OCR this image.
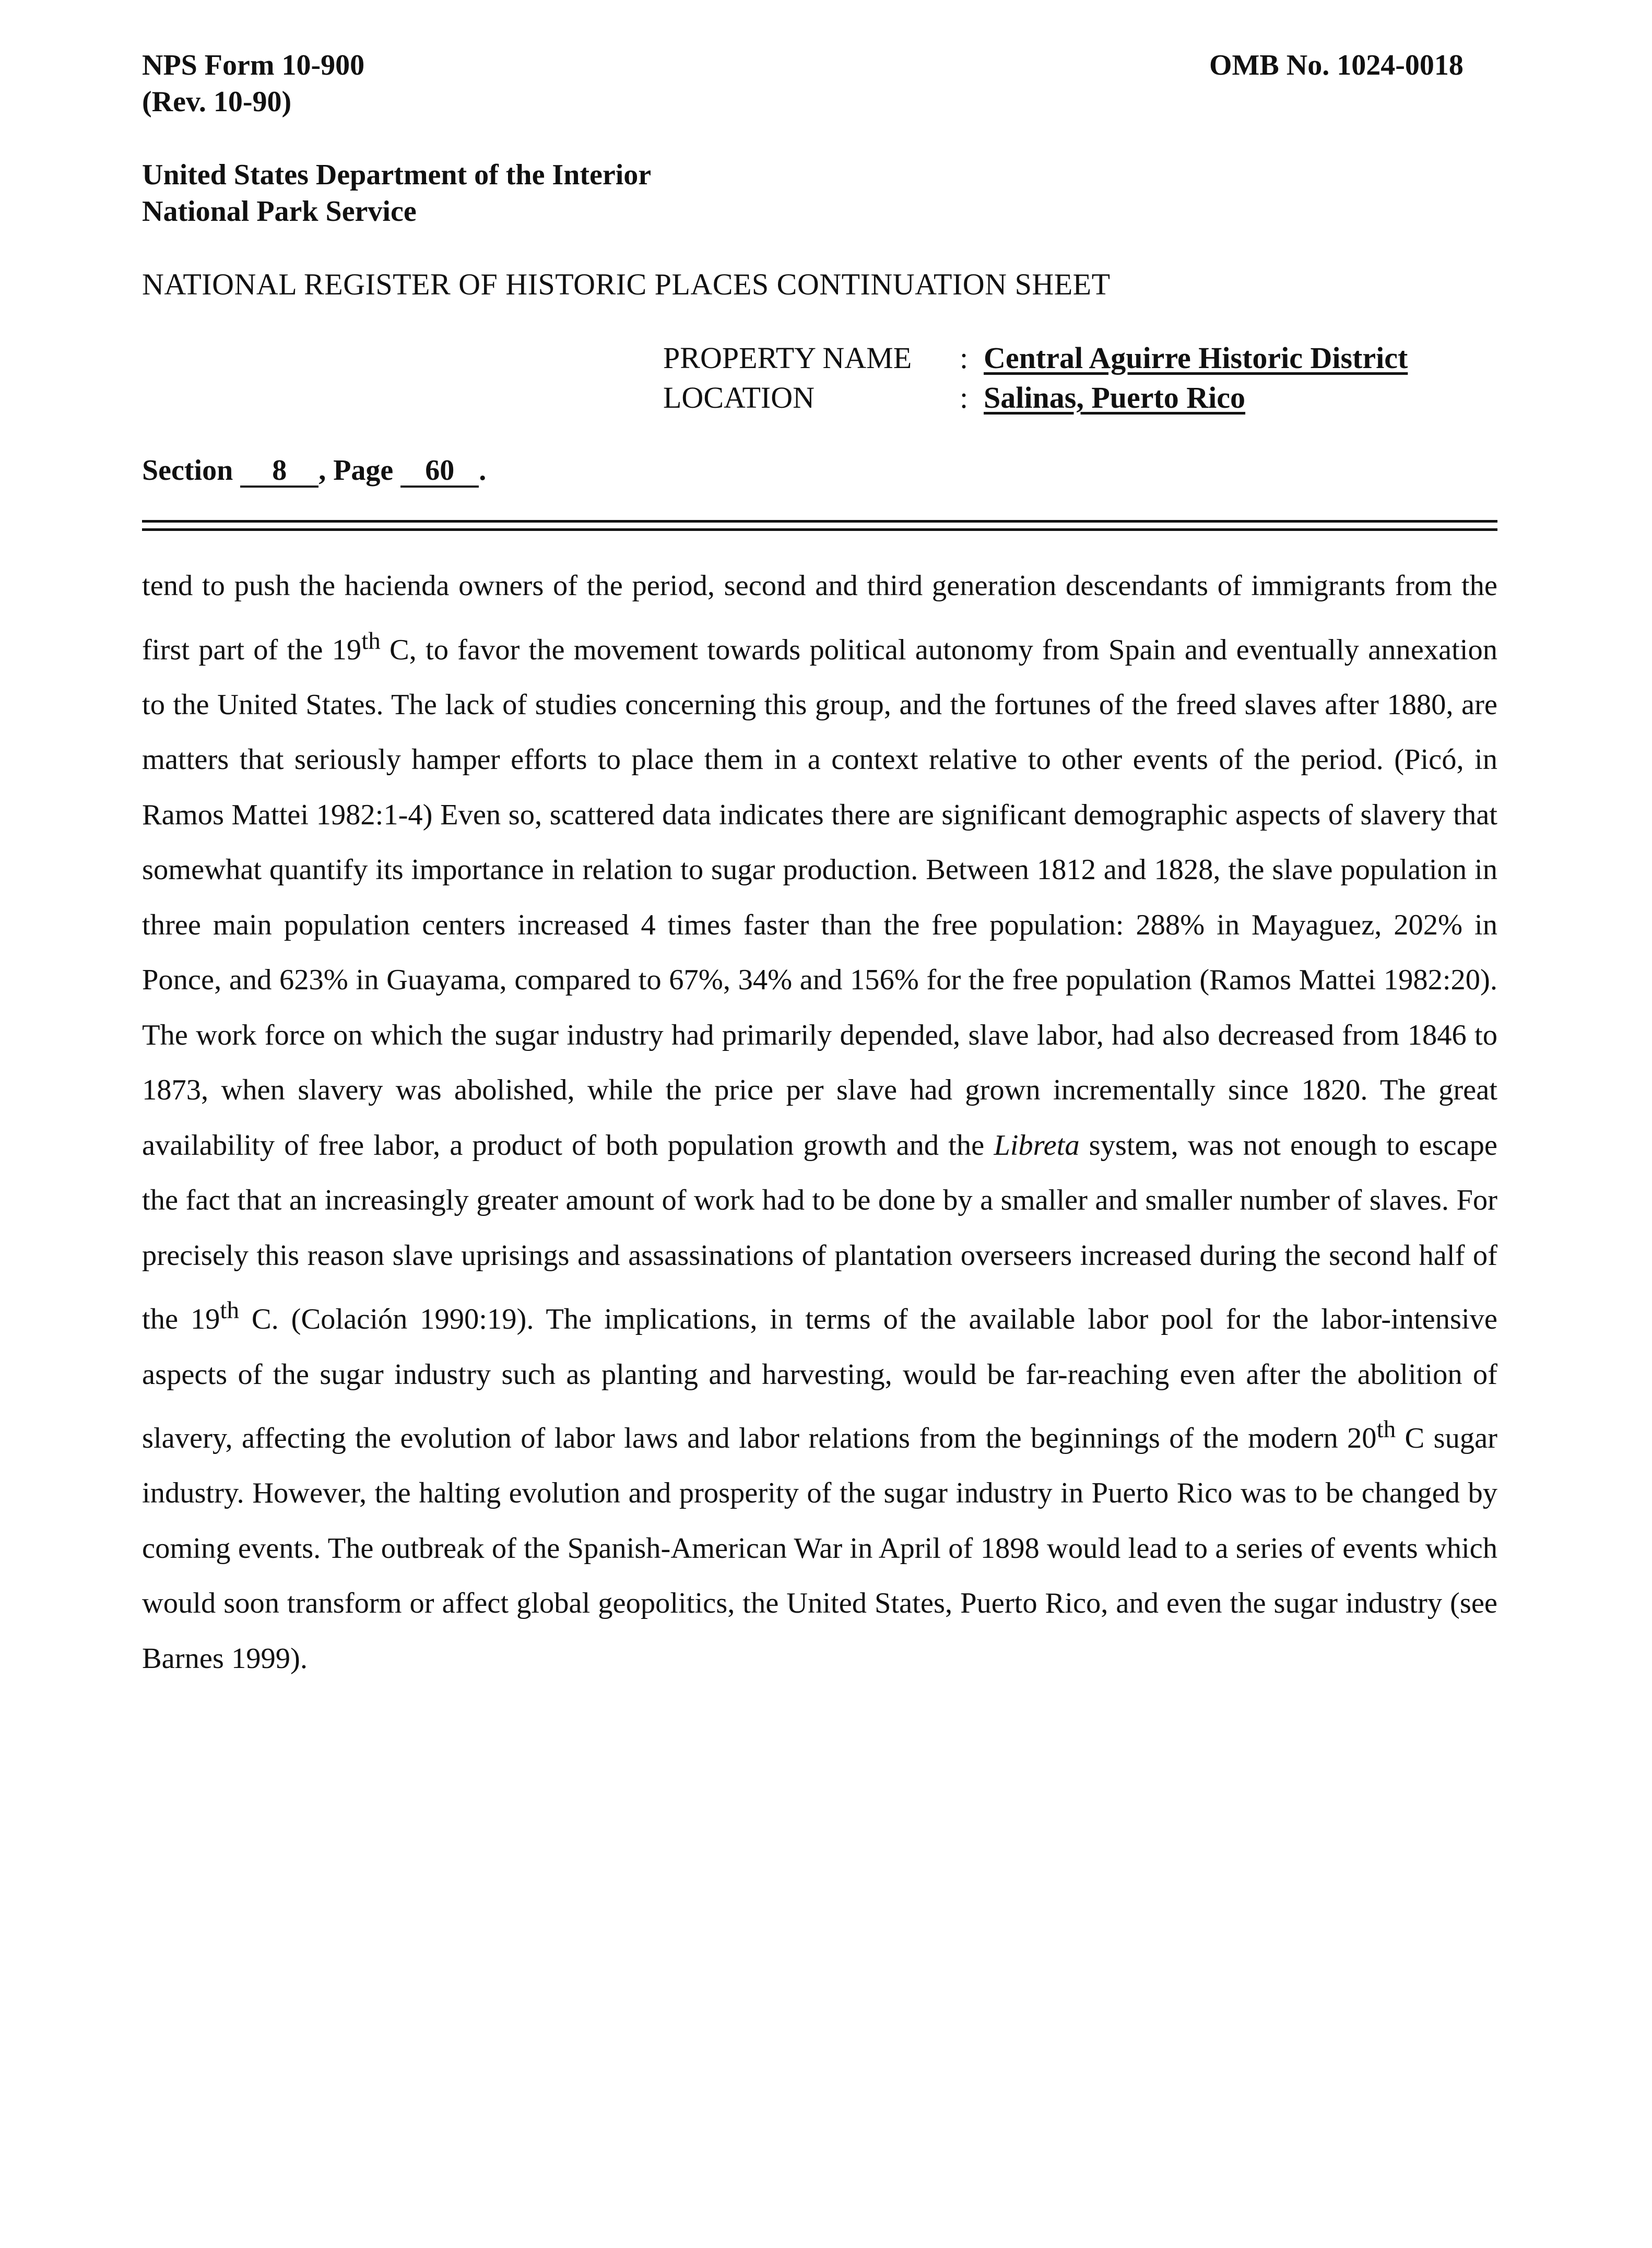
NPS Form 10-900
(Rev. 10-90)
OMB No. 1024-0018
United States Department of the Interior
National Park Service
NATIONAL REGISTER OF HISTORIC PLACES CONTINUATION SHEET
PROPERTY NAME	: Central Aguirre Historic District
LOCATION	: Salinas, Puerto Rico
Section 8 , Page 60 .

tend to push the hacienda owners of the period, second and third generation descendants of immigrants from the first part of the 19th C, to favor the movement towards political autonomy from Spain and eventually annexation to the United States. The lack of studies concerning this group, and the fortunes of the freed slaves after 1880, are matters that seriously hamper efforts to place them in a context relative to other events of the period. (Picó, in Ramos Mattei 1982:1-4) Even so, scattered data indicates there are significant demographic aspects of slavery that somewhat quantify its importance in relation to sugar production. Between 1812 and 1828, the slave population in three main population centers increased 4 times faster than the free population: 288% in Mayaguez, 202% in Ponce, and 623% in Guayama, compared to 67%, 34% and 156% for the free population (Ramos Mattei 1982:20). The work force on which the sugar industry had primarily depended, slave labor, had also decreased from 1846 to 1873, when slavery was abolished, while the price per slave had grown incrementally since 1820. The great availability of free labor, a product of both population growth and the Libreta system, was not enough to escape the fact that an increasingly greater amount of work had to be done by a smaller and smaller number of slaves. For precisely this reason slave uprisings and assassinations of plantation overseers increased during the second half of the 19th C. (Colación 1990:19). The implications, in terms of the available labor pool for the labor-intensive aspects of the sugar industry such as planting and harvesting, would be far-reaching even after the abolition of slavery, affecting the evolution of labor laws and labor relations from the beginnings of the modern 20th C sugar industry. However, the halting evolution and prosperity of the sugar industry in Puerto Rico was to be changed by coming events. The outbreak of the Spanish-American War in April of 1898 would lead to a series of events which would soon transform or affect global geopolitics, the United States, Puerto Rico, and even the sugar industry (see Barnes 1999).
